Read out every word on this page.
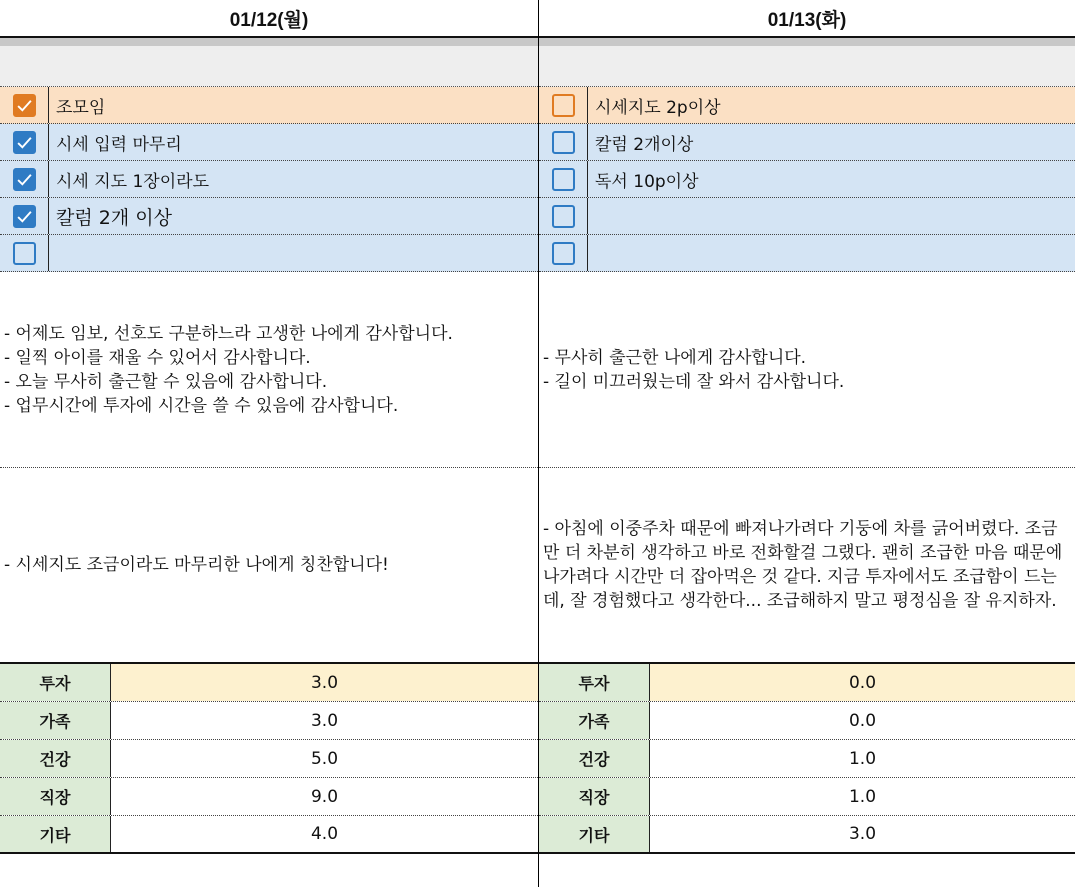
01/12(월)
조모임
시세 입력 마무리
시세 지도 1장이라도
칼럼 2개 이상

- 어제도 임보, 선호도 구분하느라 고생한 나에게 감사합니다.

- 일찍 아이를 재울 수 있어서 감사합니다.

- 오늘 무사히 출근할 수 있음에 감사합니다.

- 업무시간에 투자에 시간을 쓸 수 있음에 감사합니다.

- 시세지도 조금이라도 마무리한 나에게 칭찬합니다!
투자	3.0
가족	3.0
건강	5.0
직장	9.0
기타	4.0
01/13(화)
시세지도 2p이상
칼럼 2개이상
독서 10p이상

- 무사히 출근한 나에게 감사합니다.

- 길이 미끄러웠는데 잘 와서 감사합니다.

- 아침에 이중주차 때문에 빠져나가려다 기둥에 차를 긁어버렸다. 조금만 더 차분히 생각하고 바로 전화할걸 그랬다. 괜히 조급한 마음 때문에 나가려다 시간만 더 잡아먹은 것 같다. 지금 투자에서도 조급함이 드는데, 잘 경험했다고 생각한다... 조급해하지 말고 평정심을 잘 유지하자.
투자	0.0
가족	0.0
건강	1.0
직장	1.0
기타	3.0
